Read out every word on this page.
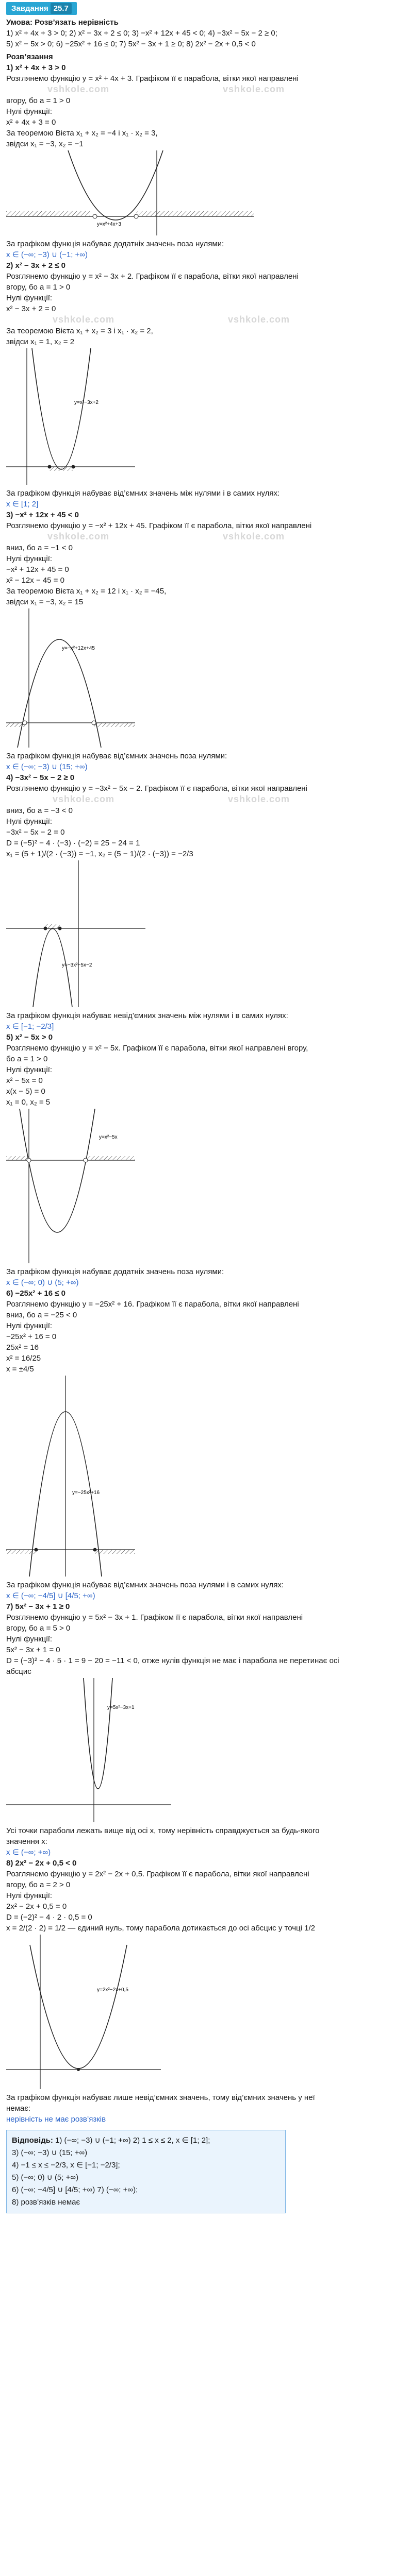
Завдання 25.7

Умова: Розв’язать нерівність

1) x² + 4x + 3 > 0; 2) x² − 3x + 2 ≤ 0; 3) −x² + 12x + 45 < 0; 4) −3x² − 5x − 2 ≥ 0;

5) x² − 5x > 0; 6) −25x² + 16 ≤ 0; 7) 5x² − 3x + 1 ≥ 0; 8) 2x² − 2x + 0,5 < 0

Розв’язання

1) x² + 4x + 3 > 0

Розглянемо функцію y = x² + 4x + 3. Графіком її є парабола, вітки якої направлені

vshkole.com	vshkole.com

вгору, бо a = 1 > 0

Нулі функції:

x² + 4x + 3 = 0

За теоремою Вієта x₁ + x₂ = −4 і x₁ · x₂ = 3,

звідси x₁ = −3, x₂ = −1

y=x²+4x+3

За графіком функція набуває додатніх значень поза нулями:

x ∈ (−∞; −3) ∪ (−1; +∞)

2) x² − 3x + 2 ≤ 0

Розглянемо функцію y = x² − 3x + 2. Графіком її є парабола, вітки якої направлені

вгору, бо a = 1 > 0

Нулі функції:

x² − 3x + 2 = 0

vshkole.com	vshkole.com

За теоремою Вієта x₁ + x₂ = 3 і x₁ · x₂ = 2,

звідси x₁ = 1, x₂ = 2

y=x²−3x+2

За графіком функція набуває від’ємних значень між нулями і в самих нулях:

x ∈ [1; 2]

3) −x² + 12x + 45 < 0

Розглянемо функцію y = −x² + 12x + 45. Графіком її є парабола, вітки якої направлені

vshkole.com	vshkole.com

вниз, бо a = −1 < 0

Нулі функції:

−x² + 12x + 45 = 0

x² − 12x − 45 = 0

За теоремою Вієта x₁ + x₂ = 12 і x₁ · x₂ = −45,

звідси x₁ = −3, x₂ = 15

y=−x²+12x+45

За графіком функція набуває від’ємних значень поза нулями:

x ∈ (−∞; −3) ∪ (15; +∞)

4) −3x² − 5x − 2 ≥ 0

Розглянемо функцію y = −3x² − 5x − 2. Графіком її є парабола, вітки якої направлені

vshkole.com	vshkole.com

вниз, бо a = −3 < 0

Нулі функції:

−3x² − 5x − 2 = 0

D = (−5)² − 4 · (−3) · (−2) = 25 − 24 = 1

x₁ = (5 + 1)/(2 · (−3)) = −1, x₂ = (5 − 1)/(2 · (−3)) = −2/3

y=−3x²−5x−2

За графіком функція набуває невід’ємних значень між нулями і в самих нулях:

x ∈ [−1; −2/3]

5) x² − 5x > 0

Розглянемо функцію y = x² − 5x. Графіком її є парабола, вітки якої направлені вгору,

бо a = 1 > 0

Нулі функції:

x² − 5x = 0

x(x − 5) = 0

x₁ = 0, x₂ = 5

y=x²−5x

За графіком функція набуває додатніх значень поза нулями:

x ∈ (−∞; 0) ∪ (5; +∞)

6) −25x² + 16 ≤ 0

Розглянемо функцію y = −25x² + 16. Графіком її є парабола, вітки якої направлені

вниз, бо a = −25 < 0

Нулі функції:

−25x² + 16 = 0

25x² = 16

x² = 16/25

x = ±4/5

y=−25x²+16

За графіком функція набуває від’ємних значень поза нулями і в самих нулях:

x ∈ (−∞; −4/5] ∪ [4/5; +∞)

7) 5x² − 3x + 1 ≥ 0

Розглянемо функцію y = 5x² − 3x + 1. Графіком її є парабола, вітки якої направлені

вгору, бо a = 5 > 0

Нулі функції:

5x² − 3x + 1 = 0

D = (−3)² − 4 · 5 · 1 = 9 − 20 = −11 < 0, отже нулів функція не має і парабола не перетинає осі

абсцис

y=5x²−3x+1

Усі точки параболи лежать вище від осі x, тому нерівність справджується за будь-якого

значення x:

x ∈ (−∞; +∞)

8) 2x² − 2x + 0,5 < 0

Розглянемо функцію y = 2x² − 2x + 0,5. Графіком її є парабола, вітки якої направлені

вгору, бо a = 2 > 0

Нулі функції:

2x² − 2x + 0,5 = 0

D = (−2)² − 4 · 2 · 0,5 = 0

x = 2/(2 · 2) = 1/2 — єдиний нуль, тому парабола дотикається до осі абсцис у точці 1/2

y=2x²−2x+0,5

За графіком функція набуває лише невід’ємних значень, тому від’ємних значень у неї

немає:

нерівність не має розв’язків

Відповідь: 1) (−∞; −3) ∪ (−1; +∞) 2) 1 ≤ x ≤ 2, x ∈ [1; 2];

3) (−∞; −3) ∪ (15; +∞)

4) −1 ≤ x ≤ −2/3, x ∈ [−1; −2/3];

5) (−∞; 0) ∪ (5; +∞)

6) (−∞; −4/5] ∪ [4/5; +∞) 7) (−∞; +∞);

8) розв’язків немає
